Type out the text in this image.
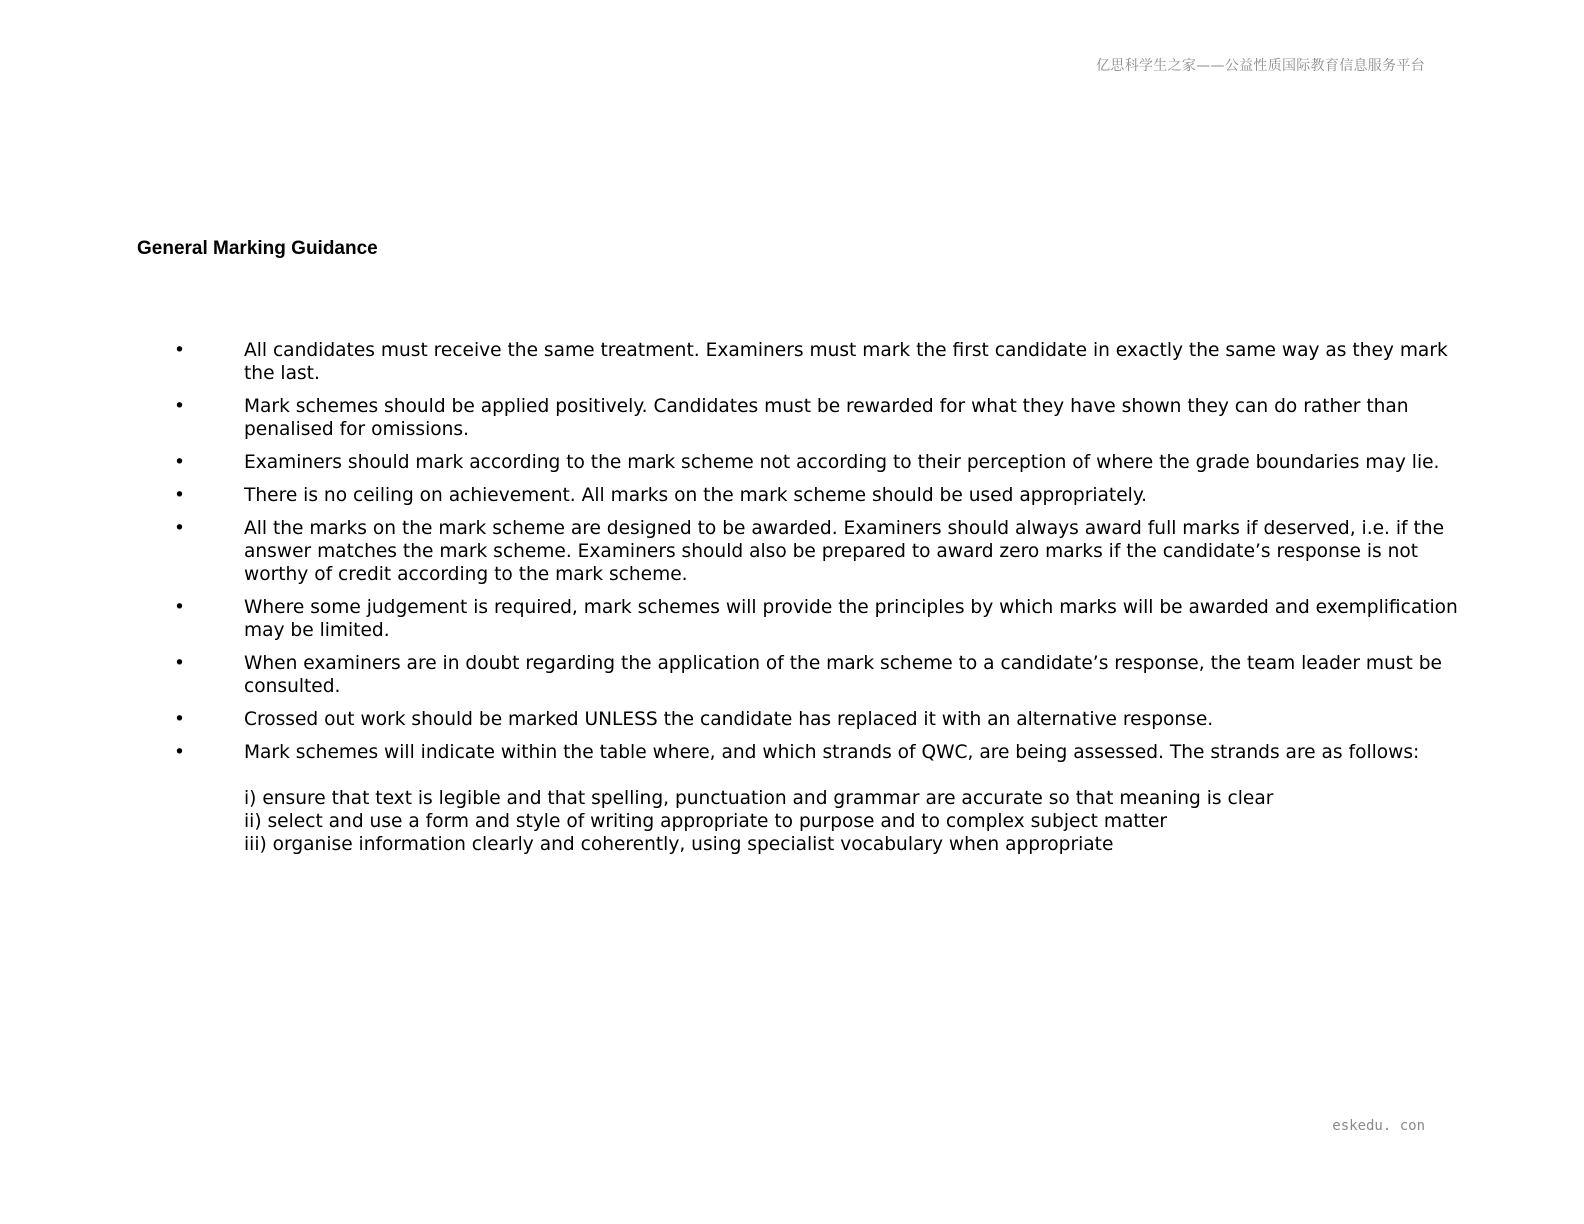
亿思科学生之家——公益性质国际教育信息服务平台
General Marking Guidance
•	All candidates must receive the same treatment. Examiners must mark the first candidate in exactly the same way as they mark the last.
•	Mark schemes should be applied positively. Candidates must be rewarded for what they have shown they can do rather than penalised for omissions.
•	Examiners should mark according to the mark scheme not according to their perception of where the grade boundaries may lie.
•	There is no ceiling on achievement. All marks on the mark scheme should be used appropriately.
•	All the marks on the mark scheme are designed to be awarded. Examiners should always award full marks if deserved, i.e. if the answer matches the mark scheme. Examiners should also be prepared to award zero marks if the candidate’s response is not worthy of credit according to the mark scheme.
•	Where some judgement is required, mark schemes will provide the principles by which marks will be awarded and exemplification may be limited.
•	When examiners are in doubt regarding the application of the mark scheme to a candidate’s response, the team leader must be consulted.
•	Crossed out work should be marked UNLESS the candidate has replaced it with an alternative response.
•	Mark schemes will indicate within the table where, and which strands of QWC, are being assessed. The strands are as follows:
i) ensure that text is legible and that spelling, punctuation and grammar are accurate so that meaning is clear
ii) select and use a form and style of writing appropriate to purpose and to complex subject matter
iii) organise information clearly and coherently, using specialist vocabulary when appropriate
eskedu. con
